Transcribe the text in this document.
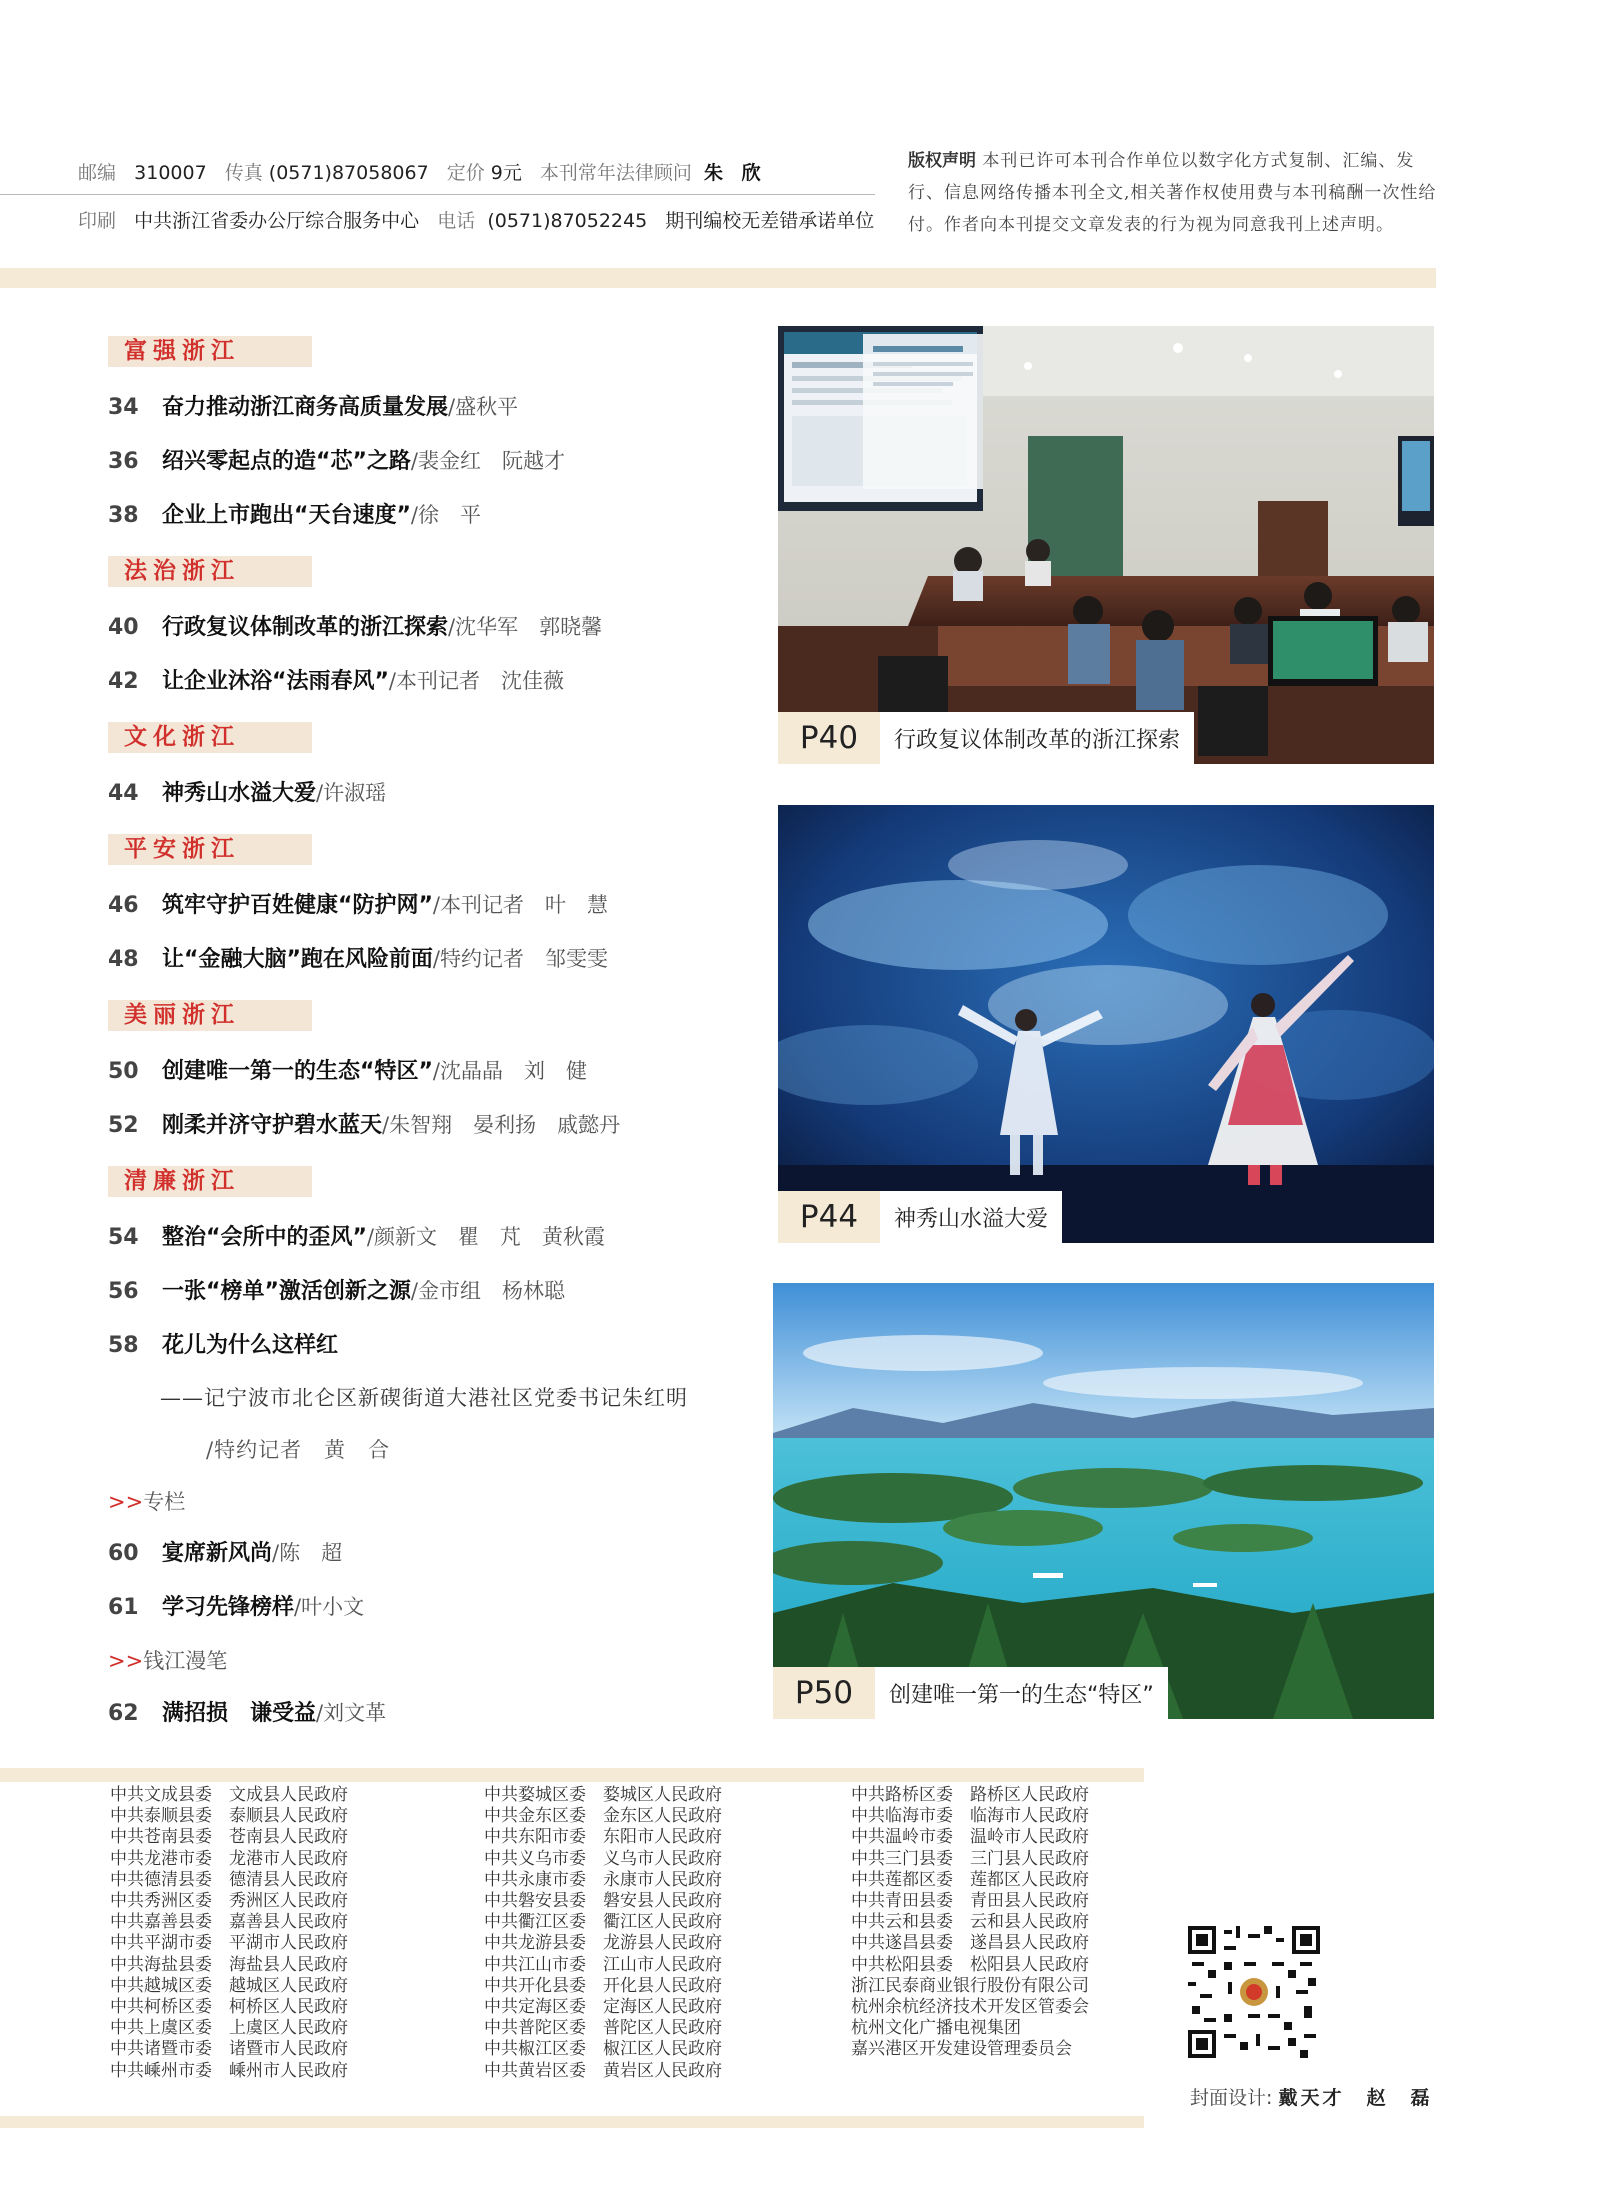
邮编 310007 传真 (0571)87058067 定价 9元 本刊常年法律顾问 朱 欣
印刷 中共浙江省委办公厅综合服务中心 电话 (0571)87052245 期刊编校无差错承诺单位
版权声明 本刊已许可本刊合作单位以数字化方式复制、汇编、发行、信息网络传播本刊全文,相关著作权使用费与本刊稿酬一次性给付。作者向本刊提交文章发表的行为视为同意我刊上述声明。
富强浙江
34 奋力推动浙江商务高质量发展/盛秋平
36 绍兴零起点的造“芯”之路/裴金红　阮越才
38 企业上市跑出“天台速度”/徐　平
法治浙江
40 行政复议体制改革的浙江探索/沈华军　郭晓馨
42 让企业沐浴“法雨春风”/本刊记者　沈佳薇
文化浙江
44 神秀山水溢大爱/许淑瑶
平安浙江
46 筑牢守护百姓健康“防护网”/本刊记者　叶　慧
48 让“金融大脑”跑在风险前面/特约记者　邹雯雯
美丽浙江
50 创建唯一第一的生态“特区”/沈晶晶　刘　健
52 刚柔并济守护碧水蓝天/朱智翔　晏利扬　戚懿丹
清廉浙江
54 整治“会所中的歪风”/颜新文　瞿　芃　黄秋霞
56 一张“榜单”激活创新之源/金市组　杨林聪
58 花儿为什么这样红
——记宁波市北仑区新碶街道大港社区党委书记朱红明
/特约记者　黄　合
>>专栏
60 宴席新风尚/陈　超
61 学习先锋榜样/叶小文
>>钱江漫笔
62 满招损　谦受益/刘文革
P40	行政复议体制改革的浙江探索
P44	神秀山水溢大爱
P50	创建唯一第一的生态“特区”
中共文成县委　文成县人民政府
中共泰顺县委　泰顺县人民政府
中共苍南县委　苍南县人民政府
中共龙港市委　龙港市人民政府
中共德清县委　德清县人民政府
中共秀洲区委　秀洲区人民政府
中共嘉善县委　嘉善县人民政府
中共平湖市委　平湖市人民政府
中共海盐县委　海盐县人民政府
中共越城区委　越城区人民政府
中共柯桥区委　柯桥区人民政府
中共上虞区委　上虞区人民政府
中共诸暨市委　诸暨市人民政府
中共嵊州市委　嵊州市人民政府
中共婺城区委　婺城区人民政府
中共金东区委　金东区人民政府
中共东阳市委　东阳市人民政府
中共义乌市委　义乌市人民政府
中共永康市委　永康市人民政府
中共磐安县委　磐安县人民政府
中共衢江区委　衢江区人民政府
中共龙游县委　龙游县人民政府
中共江山市委　江山市人民政府
中共开化县委　开化县人民政府
中共定海区委　定海区人民政府
中共普陀区委　普陀区人民政府
中共椒江区委　椒江区人民政府
中共黄岩区委　黄岩区人民政府
中共路桥区委　路桥区人民政府
中共临海市委　临海市人民政府
中共温岭市委　温岭市人民政府
中共三门县委　三门县人民政府
中共莲都区委　莲都区人民政府
中共青田县委　青田县人民政府
中共云和县委　云和县人民政府
中共遂昌县委　遂昌县人民政府
中共松阳县委　松阳县人民政府
浙江民泰商业银行股份有限公司
杭州余杭经济技术开发区管委会
杭州文化广播电视集团
嘉兴港区开发建设管理委员会
封面设计: 戴天才　赵　磊
